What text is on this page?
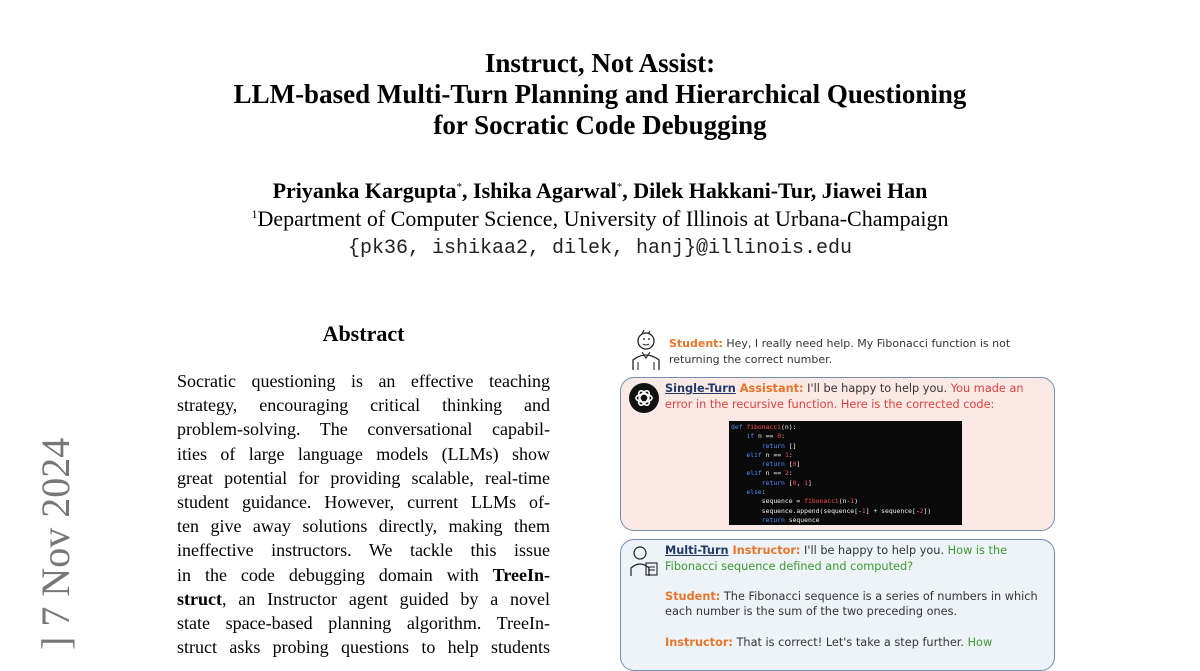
Instruct, Not Assist:
LLM-based Multi-Turn Planning and Hierarchical Questioning
for Socratic Code Debugging
Priyanka Kargupta*, Ishika Agarwal*, Dilek Hakkani-Tur, Jiawei Han
$^1$Department of Computer Science, University of Illinois at Urbana-Champaign
{pk36, ishikaa2, dilek, hanj}@illinois.edu
] 7 Nov 2024
Abstract
Socratic questioning is an effective teaching
strategy, encouraging critical thinking and
problem-solving. The conversational capabil-
ities of large language models (LLMs) show
great potential for providing scalable, real-time
student guidance. However, current LLMs of-
ten give away solutions directly, making them
ineffective instructors. We tackle this issue
in the code debugging domain with TreeIn-
struct, an Instructor agent guided by a novel
state space-based planning algorithm. TreeIn-
struct asks probing questions to help students
Student: Hey, I really need help. My Fibonacci function is not returning the correct number.
Single-Turn Assistant: I'll be happy to help you. You made an error in the recursive function. Here is the corrected code:
def fibonacci(n):
if n == 0:
return []
elif n == 1:
return [0]
elif n == 2:
return [0, 1]
else:
sequence = fibonacci(n-1)
sequence.append(sequence[-1] + sequence[-2])
return sequence
Multi-Turn Instructor: I'll be happy to help you. How is the Fibonacci sequence defined and computed?
Student: The Fibonacci sequence is a series of numbers in which each number is the sum of the two preceding ones.
Instructor: That is correct! Let's take a step further. How
